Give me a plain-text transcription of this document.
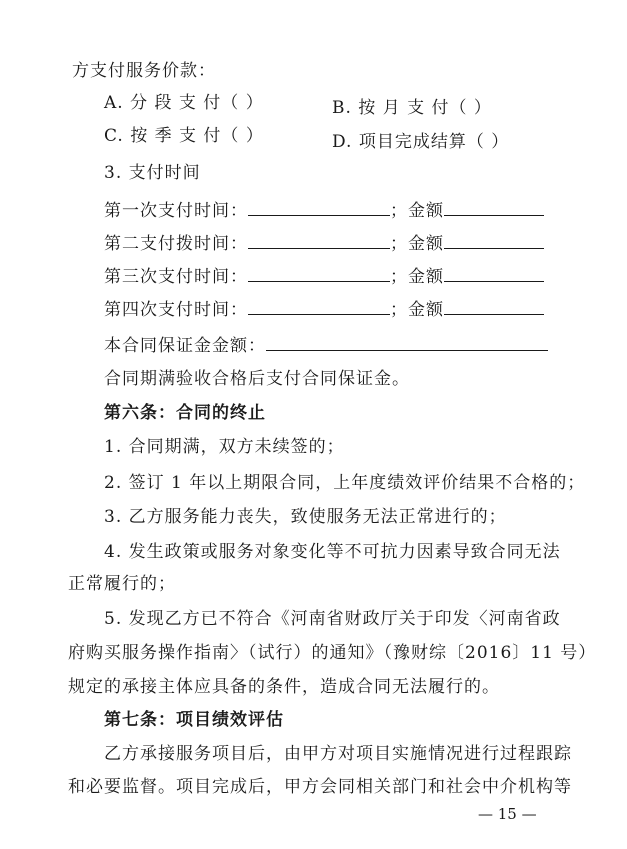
方支付服务价款：
A. 分 段 支 付（ ）	B. 按 月 支 付（ ）
C. 按 季 支 付（ ）	D. 项目完成结算（ ）
3. 支付时间
第一次支付时间：	；金额
第二支付拨时间：	；金额
第三次支付时间：	；金额
第四次支付时间：	；金额
本合同保证金金额：
合同期满验收合格后支付合同保证金。
第六条：合同的终止
1. 合同期满，双方未续签的；
2. 签订 1 年以上期限合同，上年度绩效评价结果不合格的；
3. 乙方服务能力丧失，致使服务无法正常进行的；
4. 发生政策或服务对象变化等不可抗力因素导致合同无法
正常履行的；
5. 发现乙方已不符合《河南省财政厅关于印发〈河南省政
府购买服务操作指南〉（试行）的通知》（豫财综〔2016〕11 号）
规定的承接主体应具备的条件，造成合同无法履行的。
第七条：项目绩效评估
乙方承接服务项目后，由甲方对项目实施情况进行过程跟踪
和必要监督。项目完成后，甲方会同相关部门和社会中介机构等
— 15 —
